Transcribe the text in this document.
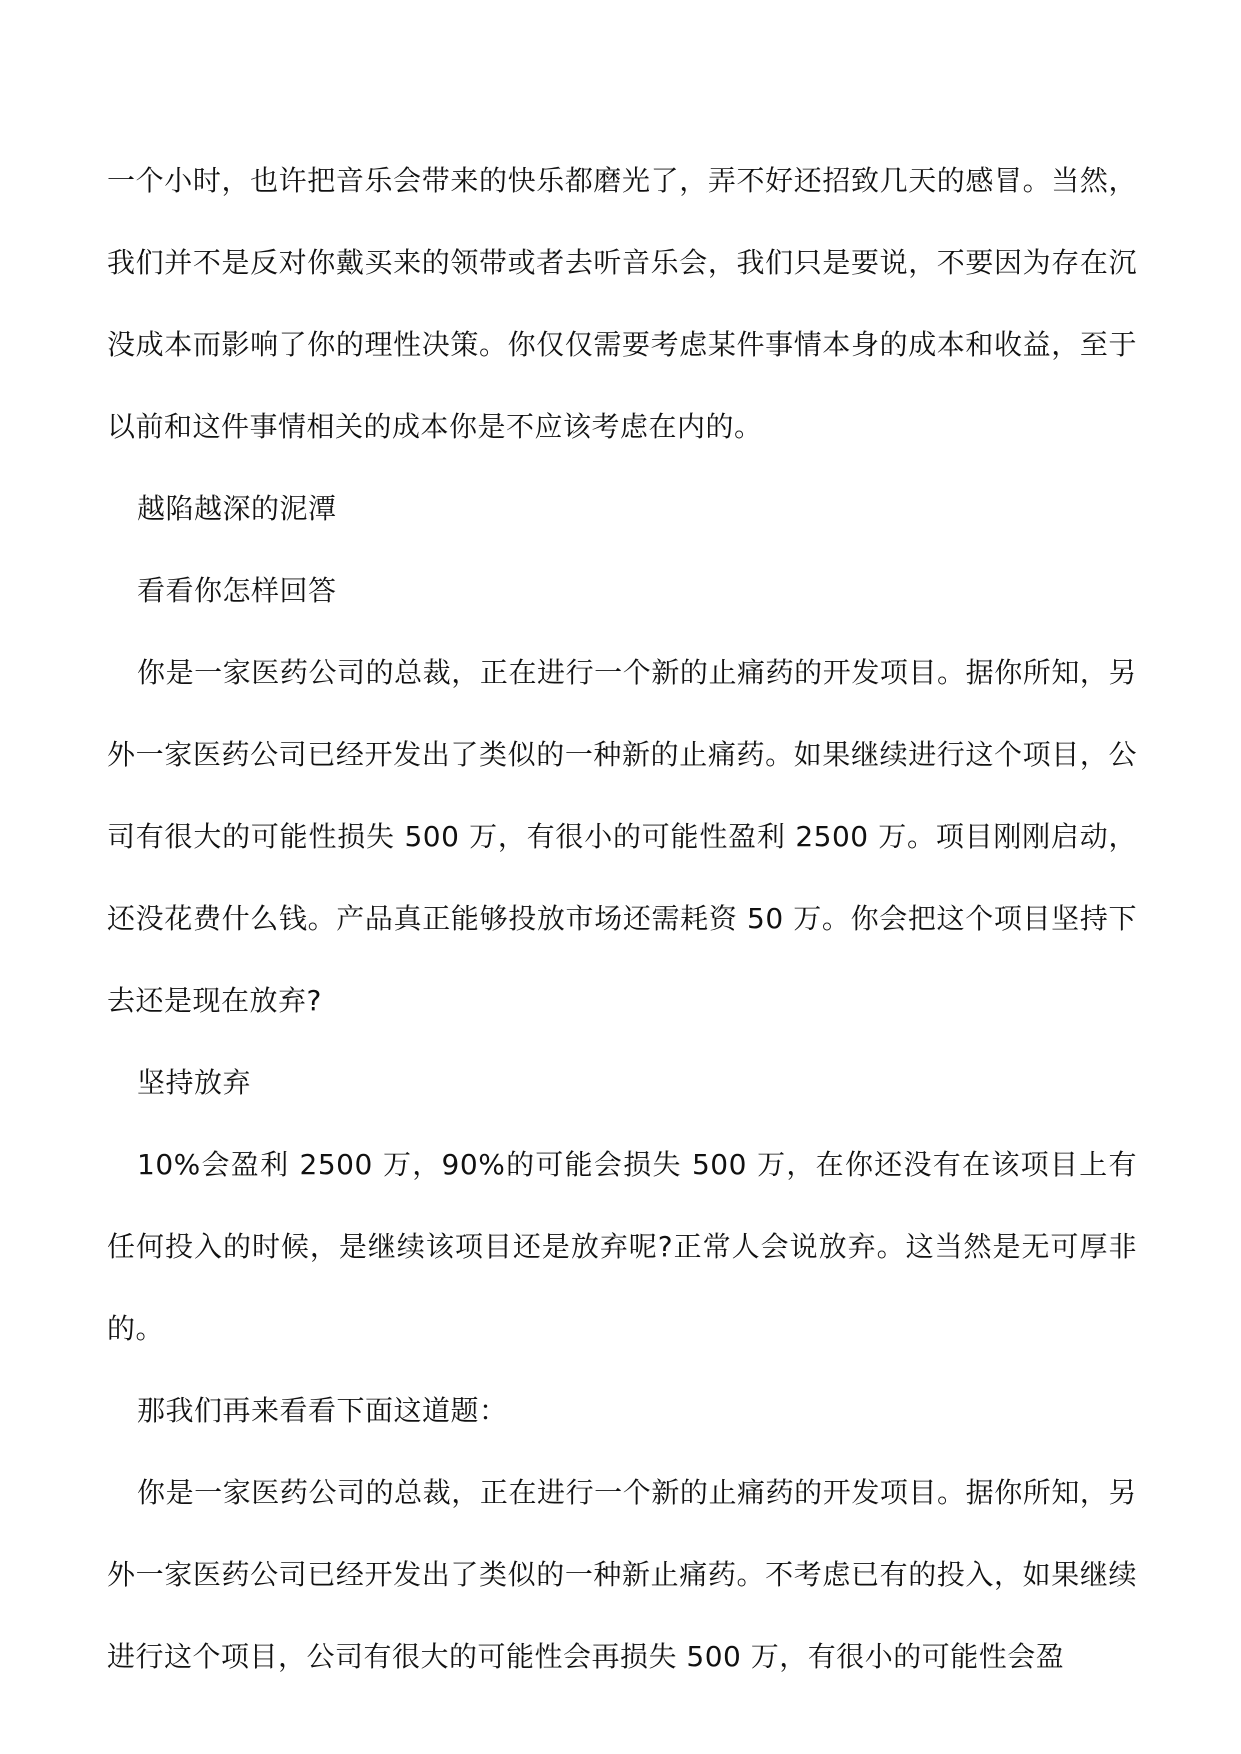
一个小时，也许把音乐会带来的快乐都磨光了，弄不好还招致几天的感冒。当然，我们并不是反对你戴买来的领带或者去听音乐会，我们只是要说，不要因为存在沉没成本而影响了你的理性决策。你仅仅需要考虑某件事情本身的成本和收益，至于以前和这件事情相关的成本你是不应该考虑在内的。

越陷越深的泥潭

看看你怎样回答

你是一家医药公司的总裁，正在进行一个新的止痛药的开发项目。据你所知，另外一家医药公司已经开发出了类似的一种新的止痛药。如果继续进行这个项目，公司有很大的可能性损失 500 万，有很小的可能性盈利 2500 万。项目刚刚启动，还没花费什么钱。产品真正能够投放市场还需耗资 50 万。你会把这个项目坚持下去还是现在放弃?

坚持放弃

10%会盈利 2500 万，90%的可能会损失 500 万，在你还没有在该项目上有任何投入的时候，是继续该项目还是放弃呢?正常人会说放弃。这当然是无可厚非的。

那我们再来看看下面这道题：

你是一家医药公司的总裁，正在进行一个新的止痛药的开发项目。据你所知，另外一家医药公司已经开发出了类似的一种新止痛药。不考虑已有的投入，如果继续进行这个项目，公司有很大的可能性会再损失 500 万，有很小的可能性会盈
